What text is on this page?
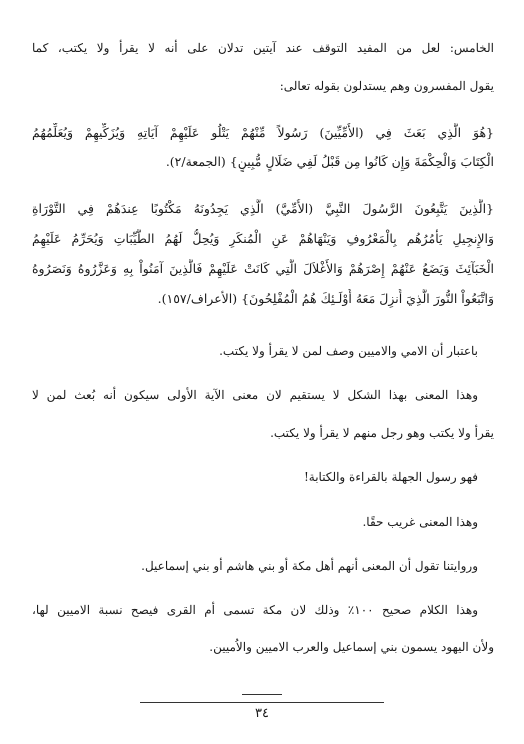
الخامس: لعل من المفيد التوقف عند آيتين تدلان على أنه لا يقرأ ولا يكتب، كما
يقول المفسرون وهم يستدلون بقوله تعالى:
{هُوَ الَّذِي بَعَثَ فِي (الأُمِّيِّينَ) رَسُولاً مِّنْهُمْ يَتْلُو عَلَيْهِمْ آيَاتِهِ وَيُزَكِّيهِمْ وَيُعَلِّمُهُمُ
الْكِتَابَ وَالْحِكْمَةَ وَإِن كَانُوا مِن قَبْلُ لَفِي ضَلَالٍ مُّبِينٍ} (الجمعة/٢).
{الَّذِينَ يَتَّبِعُونَ الرَّسُولَ النَّبِيَّ (الأُمِّيَّ) الَّذِي يَجِدُونَهُ مَكْتُوبًا عِندَهُمْ فِي التَّوْرَاةِ
وَالإِنجِيلِ يَأْمُرُهُم بِالْمَعْرُوفِ وَيَنْهَاهُمْ عَنِ الْمُنكَرِ وَيُحِلُّ لَهُمُ الطَّيِّبَاتِ وَيُحَرِّمُ عَلَيْهِمُ
الْخَبَآئِثَ وَيَضَعُ عَنْهُمْ إِصْرَهُمْ وَالأَغْلاَلَ الَّتِي كَانَتْ عَلَيْهِمْ فَالَّذِينَ آمَنُواْ بِهِ وَعَزَّرُوهُ وَنَصَرُوهُ
وَاتَّبَعُواْ النُّورَ الَّذِيَ أُنزِلَ مَعَهُ أُوْلَـئِكَ هُمُ الْمُفْلِحُونَ} (الأعراف/١٥٧).
باعتبار أن الامي والاميين وصف لمن لا يقرأ ولا يكتب.
وهذا المعنى بهذا الشكل لا يستقيم لان معنى الآية الأولى سيكون أنه بُعث لمن لا
يقرأ ولا يكتب وهو رجل منهم لا يقرأ ولا يكتب.
فهو رسول الجهلة بالقراءة والكتابة!
وهذا المعنى غريب حقًا.
وروايتنا تقول أن المعنى أنهم أهل مكة أو بني هاشم أو بني إسماعيل.
وهذا الكلام صحيح ١٠٠٪ وذلك لان مكة تسمى أم القرى فيصح نسبة الاميين لها،
ولأن اليهود يسمون بني إسماعيل والعرب الاميين والاُميين.
٣٤
